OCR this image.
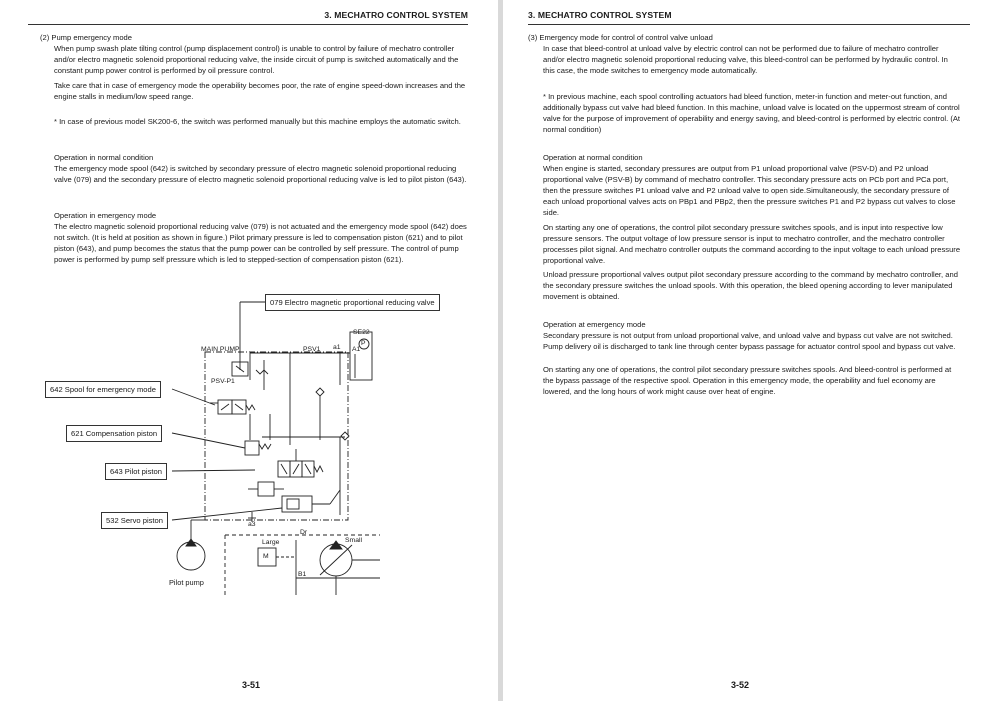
3. MECHATRO CONTROL SYSTEM

(2) Pump emergency mode

When pump swash plate tilting control (pump displacement control) is unable to control by failure of mechatro controller and/or electro magnetic solenoid proportional reducing valve, the inside circuit of pump is switched automatically and the constant pump power control is performed by oil pressure control.

Take care that in case of emergency mode the operability becomes poor, the rate of engine speed-down increases and the engine stalls in medium/low speed range.

* In case of previous model SK200-6, the switch was performed manually but this machine employs the automatic switch.

Operation in normal condition

The emergency mode spool (642) is switched by secondary pressure of electro magnetic solenoid proportional reducing valve (079) and the secondary pressure of electro magnetic solenoid proportional reducing valve is led to pilot piston (643).

Operation in emergency mode

The electro magnetic solenoid proportional reducing valve (079) is not actuated and the emergency mode spool (642) does not switch. (It is held at position as shown in figure.) Pilot primary pressure is led to compensation piston (621) and to pilot piston (643), and pump becomes the status that the pump power can be controlled by self pressure. The control of pump power is performed by pump self pressure which is led to stepped-section of compensation piston (621).

079 Electro magnetic proportional reducing valve
642 Spool for emergency mode
621 Compensation piston
643 Pilot piston
532 Servo piston
MAIN PUMP	PSV1 a1 A1
SE22
P
PSV-P1
a3
Dr
Large	Small
M
B1
Pilot pump
3-51
3. MECHATRO CONTROL SYSTEM

(3) Emergency mode for control of control valve unload

In case that bleed-control at unload valve by electric control can not be performed due to failure of mechatro controller and/or electro magnetic solenoid proportional reducing valve, this bleed-control can be performed by hydraulic control. In this case, the mode switches to emergency mode automatically.

* In previous machine, each spool controlling actuators had bleed function, meter-in function and meter-out function, and additionally bypass cut valve had bleed function. In this machine, unload valve is located on the uppermost stream of control valve for the purpose of improvement of operability and energy saving, and bleed-control is performed by electric control. (At normal condition)

Operation at normal condition

When engine is started, secondary pressures are output from P1 unload proportional valve (PSV-D) and P2 unload proportional valve (PSV-B) by command of mechatro controller. This secondary pressure acts on PCb port and PCa port, then the pressure switches P1 unload valve and P2 unload valve to open side.Simultaneously, the secondary pressure of each unload proportional valves acts on PBp1 and PBp2, then the pressure switches P1 and P2 bypass cut valves to close side.

On starting any one of operations, the control pilot secondary pressure switches spools, and is input into respective low pressure sensors. The output voltage of low pressure sensor is input to mechatro controller, and the mechatro controller processes pilot signal. And mechatro controller outputs the command according to the input voltage to each unload pressure proportional valve.

Unload pressure proportional valves output pilot secondary pressure according to the command by mechatro controller, and the secondary pressure switches the unload spools. With this operation, the bleed opening according to lever manipulated movement is obtained.

Operation at emergency mode

Secondary pressure is not output from unload proportional valve, and unload valve and bypass cut valve are not switched. Pump delivery oil is discharged to tank line through center bypass passage for actuator control spool and bypass cut valve.

On starting any one of operations, the control pilot secondary pressure switches spools. And bleed-control is performed at the bypass passage of the respective spool. Operation in this emergency mode, the operability and fuel economy are lowered, and the long hours of work might cause over heat of engine.

3-52
